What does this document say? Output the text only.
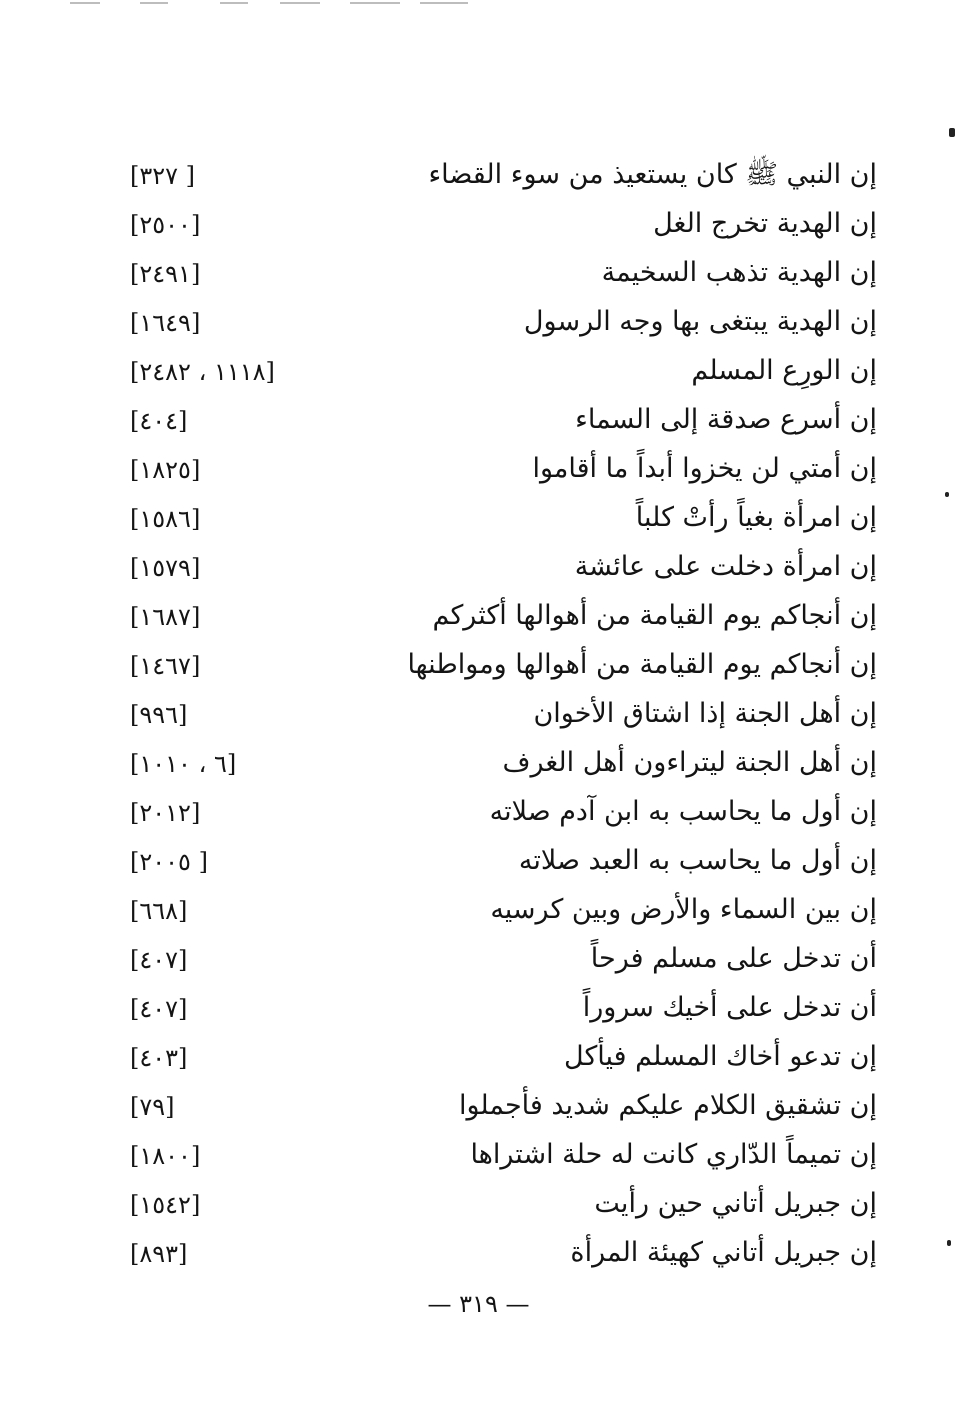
إن النبي ﷺ كان يستعيذ من سوء القضاء
[٣٢٧ ]
إن الهدية تخرج الغل
[٢٥٠٠]
إن الهدية تذهب السخيمة
[٢٤٩١]
إن الهدية يبتغى بها وجه الرسول
[١٦٤٩]
إن الورِع المسلم
[١١١٨ ، ٢٤٨٢]
إن أسرع صدقة إلى السماء
[٤٠٤]
إن أمتي لن يخزوا أبداً ما أقاموا
[١٨٢٥]
إن امرأة بغياً رأتْ كلباً
[١٥٨٦]
إن امرأة دخلت على عائشة
[١٥٧٩]
إن أنجاكم يوم القيامة من أهوالها أكثركم
[١٦٨٧]
إن أنجاكم يوم القيامة من أهوالها ومواطنها
[١٤٦٧]
إن أهل الجنة إذا اشتاق الأخوان
[٩٩٦]
إن أهل الجنة ليتراءون أهل الغرف
[٦ ، ١٠١٠]
إن أول ما يحاسب به ابن آدم صلاته
[٢٠١٢]
إن أول ما يحاسب به العبد صلاته
[٢٠٠٥ ]
إن بين السماء والأرض وبين كرسيه
[٦٦٨]
أن تدخل على مسلم فرحاً
[٤٠٧]
أن تدخل على أخيك سروراً
[٤٠٧]
إن تدعو أخاك المسلم فيأكل
[٤٠٣]
إن تشقيق الكلام عليكم شديد فأجملوا
[٧٩]
إن تميماً الدّاري كانت له حلة اشتراها
[١٨٠٠]
إن جبريل أتاني حين رأيت
[١٥٤٢]
إن جبريل أتاني كهيئة المرأة
[٨٩٣]
— ٣١٩ —
